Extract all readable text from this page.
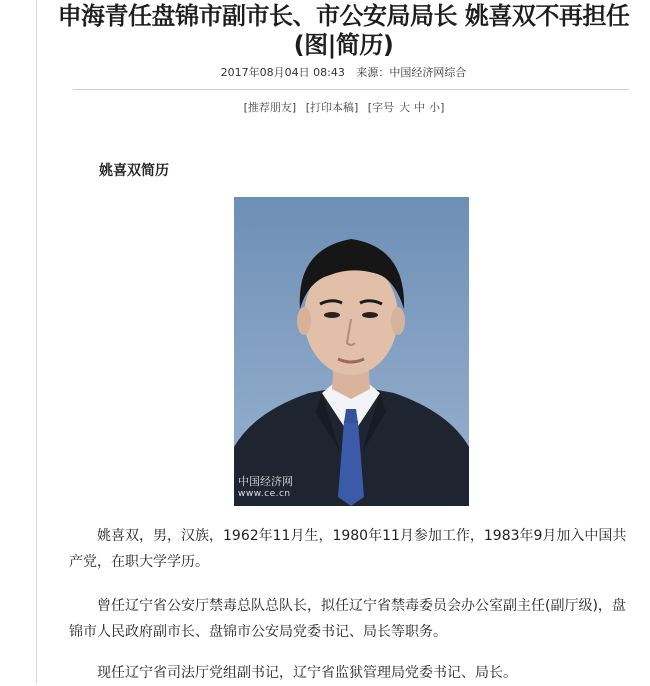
申海青任盘锦市副市长、市公安局局长 姚喜双不再担任(图|简历)
2017年08月04日 08:43 来源：中国经济网综合
[推荐朋友] [打印本稿] [字号 大 中 小]
姚喜双简历
中国经济网
www.ce.cn

姚喜双，男，汉族，1962年11月生，1980年11月参加工作，1983年9月加入中国共产党，在职大学学历。

曾任辽宁省公安厅禁毒总队总队长，拟任辽宁省禁毒委员会办公室副主任(副厅级)，盘锦市人民政府副市长、盘锦市公安局党委书记、局长等职务。

现任辽宁省司法厅党组副书记，辽宁省监狱管理局党委书记、局长。
